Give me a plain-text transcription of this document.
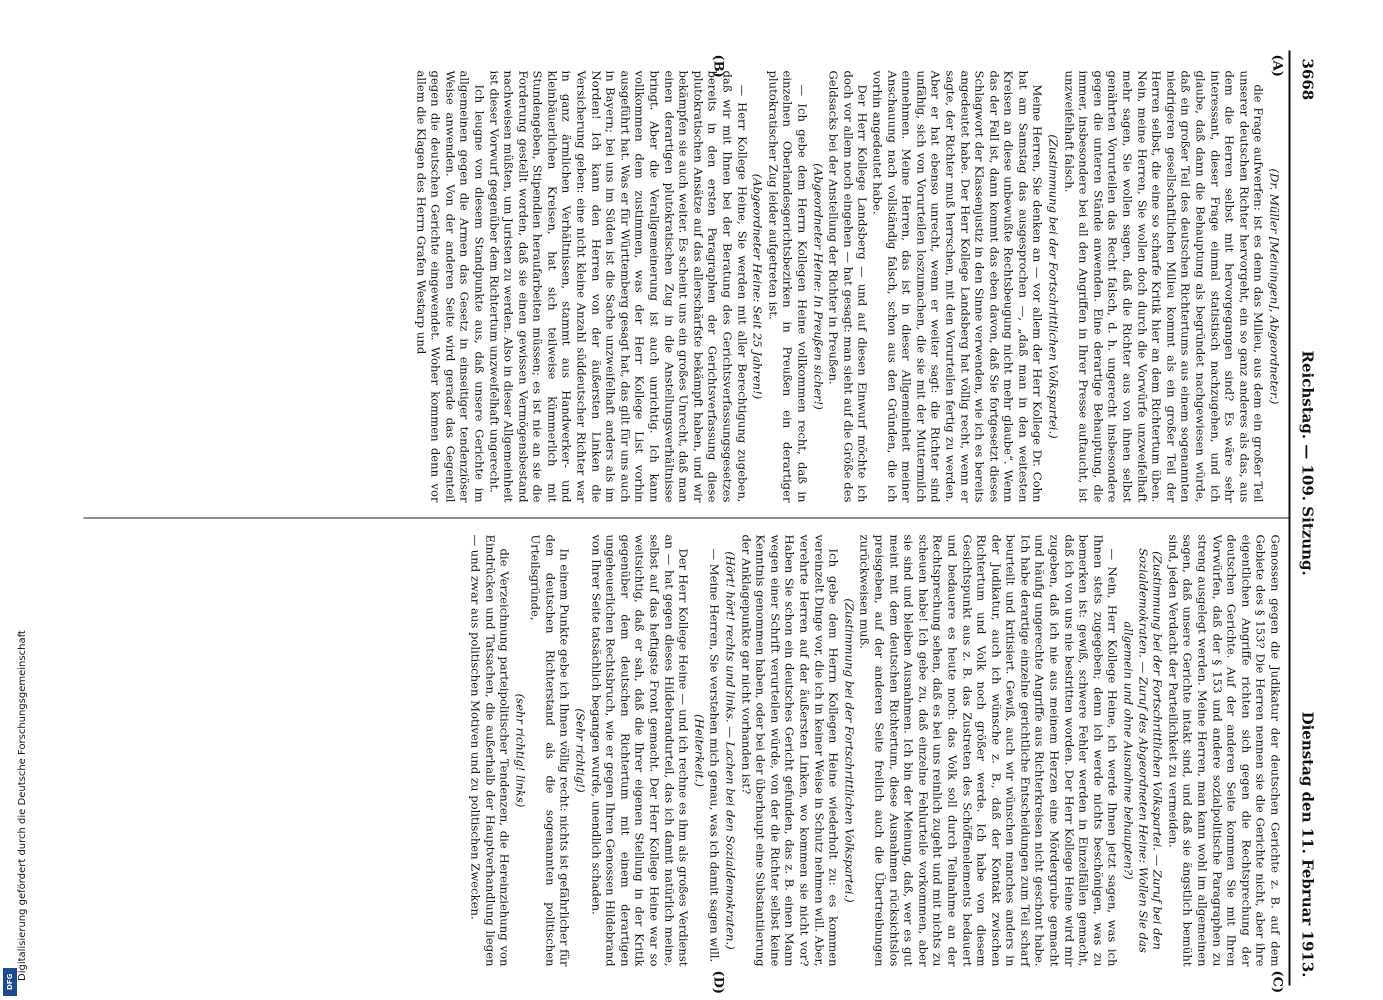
3668
Reichstag. — 109. Sitzung.
Dienstag den 11. Februar 1913.
(A)
(B)
(C)
(D)

(Dr. Müller [Meiningen], Abgeordneter.)

die Frage aufwerfen: ist es denn das Milieu, aus dem ein großer Teil unserer deutschen Richter hervorgeht, ein so ganz anderes als das, aus dem die Herren selbst mit hervorgegangen sind? Es wäre sehr interessant, dieser Frage einmal statistisch nachzugehen, und ich glaube, daß dann die Behauptung als begründet nachgewiesen würde, daß ein großer Teil des deutschen Richtertums aus einem sogenannten niedrigeren gesellschaftlichen Milieu kommt als ein großer Teil der Herren selbst, die eine so scharfe Kritik hier an dem Richtertum üben. Nein, meine Herren, Sie wollen doch durch die Vorwürfe unzweifelhaft mehr sagen, Sie wollen sagen, daß die Richter aus von ihnen selbst genährten Vorurteilen das Recht falsch, d. h. ungerecht insbesondere gegen die unteren Stände anwenden. Eine derartige Behauptung, die immer, insbesondere bei all den Angriffen in Ihrer Presse auftaucht, ist unzweifelhaft falsch.

(Zustimmung bei der Fortschrittlichen Volkspartei.)

Meine Herren, Sie denken an — vor allem der Herr Kollege Dr. Cohn hat am Samstag das ausgesprochen —, „daß man in den weitesten Kreisen an diese unbewußte Rechtsbeugung nicht mehr glaube“. Wenn das der Fall ist, dann kommt das eben davon, daß Sie fortgesetzt dieses Schlagwort der Klassenjustiz in den Sinne verwenden, wie ich es bereits angedeutet habe. Der Herr Kollege Landsberg hat völlig recht, wenn er sagte, der Richter muß herrschen, mit den Vorurteilen fertig zu werden. Aber er hat ebenso unrecht, wenn er weiter sagt: die Richter sind unfähig, sich von Vorurteilen loszumachen, die sie mit der Muttermilch einnehmen. Meine Herren, das ist in dieser Allgemeinheit meiner Anschauung nach vollständig falsch, schon aus den Gründen, die ich vorhin angedeutet habe.

Der Herr Kollege Landsberg — und auf diesen Einwurf möchte ich doch vor allem noch eingehen — hat gesagt: man sieht auf die Größe des Geldsacks bei der Anstellung der Richter in Preußen.

(Abgeordneter Heine: In Preußen sicher!)

— Ich gebe dem Herrn Kollegen Heine vollkommen recht, daß in einzelnen Oberlandesgerichtsbezirken in Preußen ein derartiger plutokratischer Zug leider aufgetreten ist.

(Abgeordneter Heine: Seit 25 Jahren!)

— Herr Kollege Heine, Sie werden mit aller Berechtigung zugeben, daß wir mit Ihnen bei der Beratung des Gerichtsverfassungsgesetzes bereits in den ersten Paragraphen der Gerichtsverfassung diese plutokratischen Ansätze auf das allerschärfste bekämpft haben, und wir bekämpfen sie auch weiter. Es scheint uns ein großes Unrecht, daß man einen derartigen plutokratischen Zug in die Anstellungsverhältnisse bringt. Aber die Verallgemeinerung ist auch unrichtig. Ich kann vollkommen dem zustimmen, was der Herr Kollege List vorhin ausgeführt hat. Was er für Württemberg gesagt hat, das gilt für uns auch in Bayern; bei uns im Süden ist die Sache unzweifelhaft anders als im Norden! Ich kann den Herren von der äußersten Linken die Versicherung geben: eine nicht kleine Anzahl süddeutscher Richter war in ganz ärmlichen Verhältnissen, stammt aus Handwerker- und kleinbäuerlichen Kreisen, hat sich teilweise kümmerlich mit Stundengeben, Stipendien heraufarbeiten müssen; es ist nie an sie die Forderung gestellt worden, daß sie einen gewissen Vermögensbestand nachweisen müßten, um Juristen zu werden. Also in dieser Allgemeinheit ist dieser Vorwurf gegenüber dem Richtertum unzweifelhaft ungerecht.

Ich leugne von diesem Standpunkte aus, daß unsere Gerichte im allgemeinen gegen die Armen das Gesetz in einseitiger tendenziöser Weise anwenden. Von der anderen Seite wird gerade das Gegenteil gegen die deutschen Gerichte eingewendet. Woher kommen denn vor allem die Klagen des Herrn Grafen Westarp und

Genossen gegen die Judikatur der deutschen Gerichte z. B. auf dem Gebiete des § 153? Die Herren nennen sie die Gerichte nicht, aber ihre eigentlichen Angriffe richten sich gegen die Rechtsprechung der deutschen Gerichte. Auf der anderen Seite kommen Sie mit Ihren Vorwürfen, daß der § 153 und andere sozialpolitische Paragraphen zu streng ausgelegt werden. Meine Herren, man kann wohl im allgemeinen sagen, daß unsere Gerichte intakt sind, und daß sie ängstlich bemüht sind, jeden Verdacht der Parteilichkeit zu vermeiden.

(Zustimmung bei der Fortschrittlichen Volkspartei. — Zuruf bei den Sozialdemokraten. — Zuruf des Abgeordneten Heine: Wollen Sie das allgemein und ohne Ausnahme behaupten?)

— Nein, Herr Kollege Heine, ich werde Ihnen jetzt sagen, was ich Ihnen stets zugegeben; denn ich werde nichts beschönigen, was zu bemerken ist: gewiß, schwere Fehler werden in Einzelfällen gemacht, daß ich von uns nie bestritten worden. Der Herr Kollege Heine wird mir zugeben, daß ich nie aus meinem Herzen eine Mördergrube gemacht und häufig ungerechte Angriffe aus Richterkreisen nicht geschont habe. Ich habe derartige einzelne gerichtliche Entscheidungen zum Teil scharf beurteilt und kritisiert. Gewiß, auch wir wünschen manches anders in der Judikatur, auch ich wünsche z. B., daß der Kontakt zwischen Richtertum und Volk noch größer werde. Ich habe von diesem Gesichtspunkt aus z. B. das Zustreten des Schöffenelements bedauert und bedauere es heute noch: das Volk soll durch Teilnahme an der Rechtsprechung sehen, daß es bei uns reinlich zugeht und mit nichts zu scheuen habe! Ich gebe zu, daß einzelne Fehlurteile vorkommen, aber sie sind und bleiben Ausnahmen. Ich bin der Meinung, daß, wer es gut meint mit dem deutschen Richtertum, diese Ausnahmen rücksichtslos preisgeben, auf der anderen Seite freilich auch die Übertreibungen zurückweisen muß.

(Zustimmung bei der Fortschrittlichen Volkspartei.)

Ich gebe dem Herrn Kollegen Heine wiederholt zu: es kommen vereinzelt Dinge vor, die ich in keiner Weise in Schutz nehmen will. Aber, verehrte Herren auf der äußersten Linken, wo kommen sie nicht vor? Haben Sie schon ein deutsches Gericht gefunden, das z. B. einen Mann wegen einer Schrift verurteilen würde, von der die Richter selbst keine Kenntnis genommen haben, oder bei der überhaupt eine Substantiierung der Anklagepunkte gar nicht vorhanden ist?

(Hört! hört! rechts und links. — Lachen bei den Sozialdemokraten.)

— Meine Herren, Sie verstehen mich genau, was ich damit sagen will.

(Heiterkeit.)

Der Herr Kollege Heine — und ich rechne es ihm als großes Verdienst an — hat gegen dieses Hildebrandurteil, das ich damit natürlich meine, selbst auf das heftigste Front gemacht. Der Herr Kollege Heine war so weitsichtig, daß er sah, daß die Ihrer eigenen Stellung in der Kritik gegenüber dem deutschen Richtertum mit einem derartigen ungeheuerlichen Rechtsbruch, wie er gegen Ihren Genossen Hildebrand von Ihrer Seite tatsächlich begangen wurde, unendlich schaden.

(Sehr richtig!)

In einem Punkte gebe ich Ihnen völlig recht: nichts ist gefährlicher für den deutschen Richterstand als die sogenannten politischen Urteilsgründe,

(sehr richtig! links)

die Verzeichnung parteipolitischer Tendenzen, die Hereinziehung von Eindrücken und Tatsachen, die außerhalb der Hauptverhandlung liegen — und zwar aus politischen Motiven und zu politischen Zwecken.

Digitalisierung gefördert durch die Deutsche Forschungsgemeinschaft
DFG
